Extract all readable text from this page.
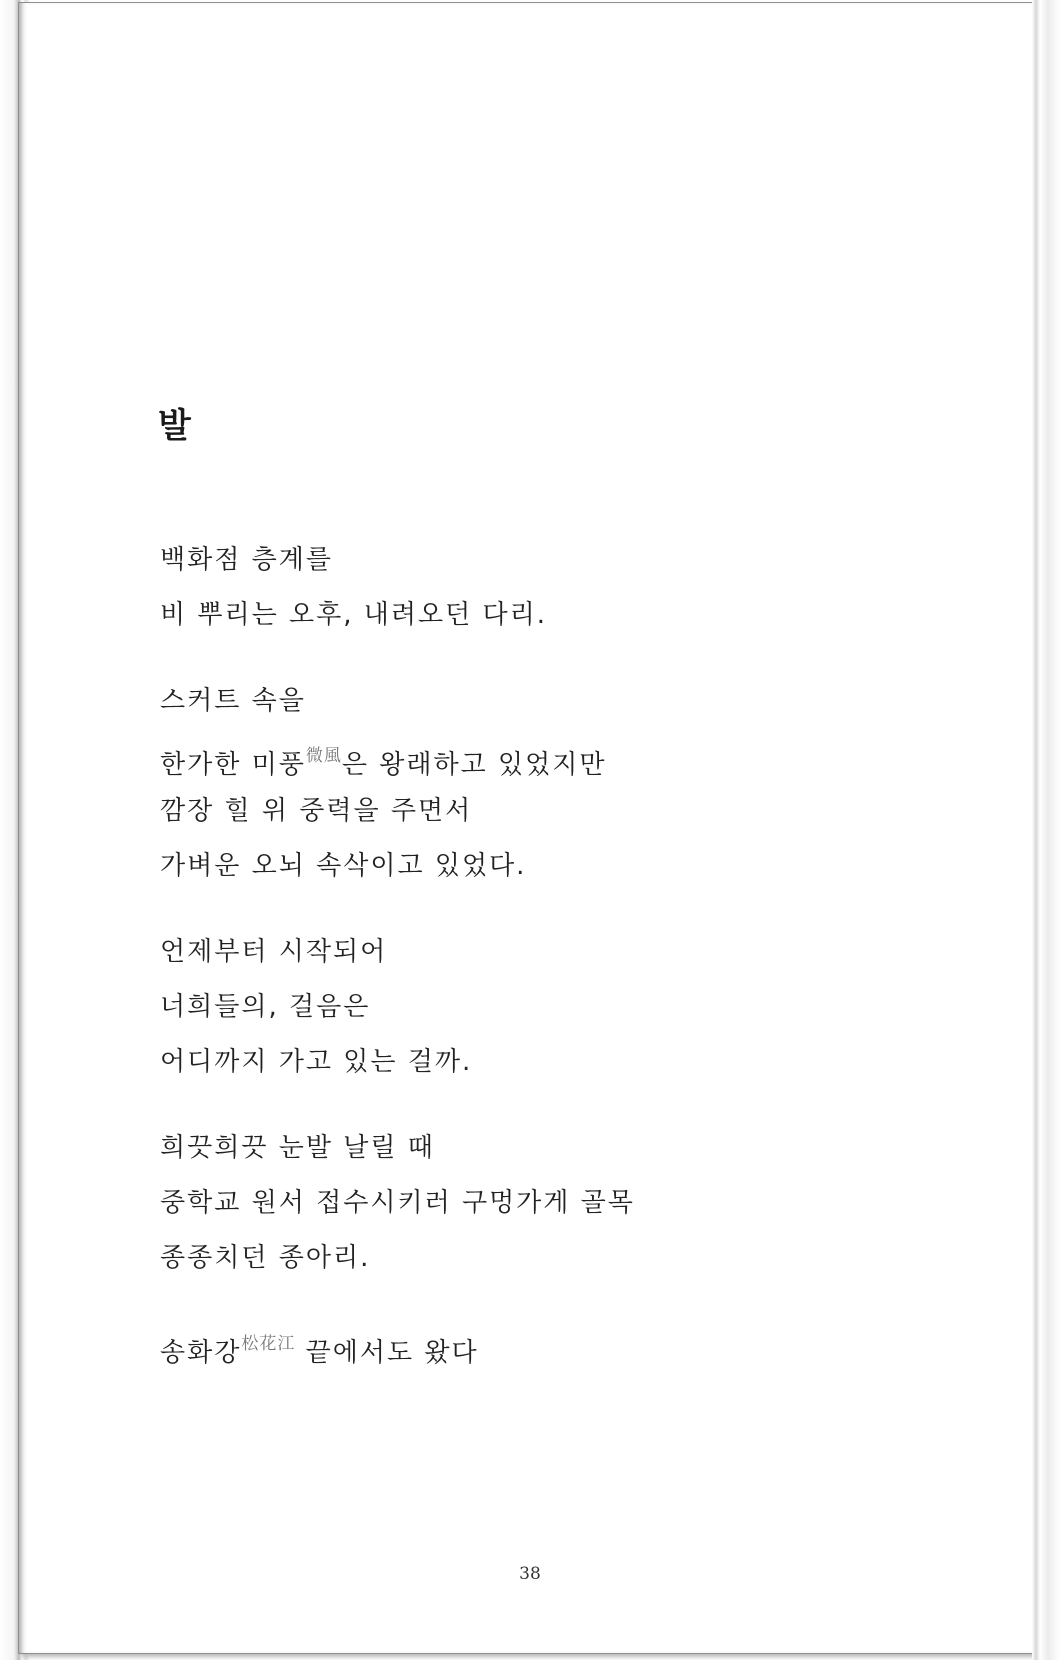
발
백화점 층계를
비 뿌리는 오후, 내려오던 다리.
스커트 속을
한가한 미풍$^{微風}$은 왕래하고 있었지만
깜장 힐 위 중력을 주면서
가벼운 오뇌 속삭이고 있었다.
언제부터 시작되어
너희들의, 걸음은
어디까지 가고 있는 걸까.
희끗희끗 눈발 날릴 때
중학교 원서 접수시키러 구멍가게 골목
종종치던 종아리.
송화강$^{松花江}$ 끝에서도 왔다
38
